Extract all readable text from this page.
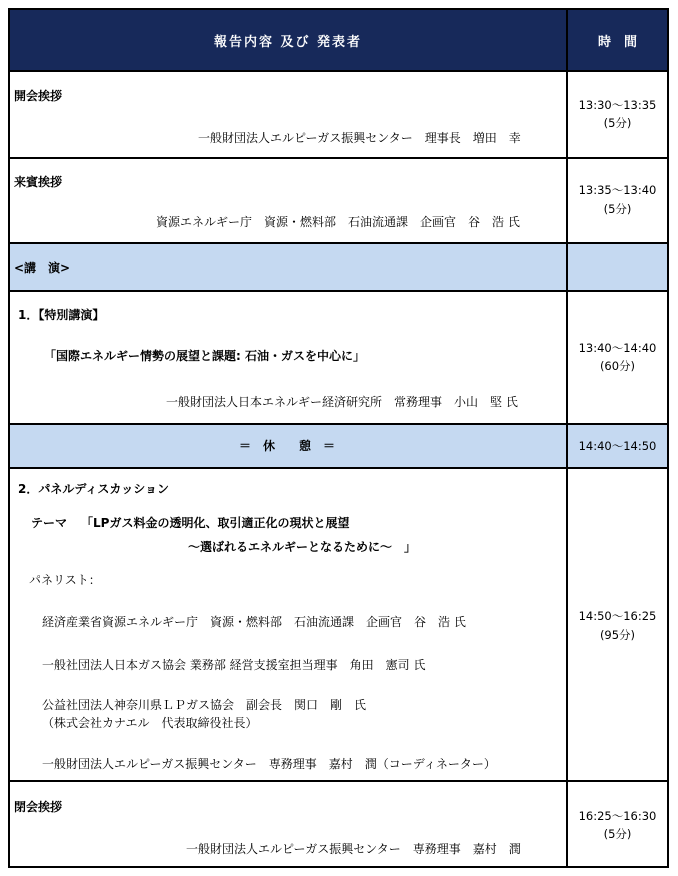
報告内容 及び 発表者	時　間
開会挨拶
一般財団法人エルピーガス振興センター　理事長　増田　幸
13:30～13:35
(5分)
来賓挨拶
資源エネルギー庁　資源・燃料部　石油流通課　企画官　谷　浩 氏
13:35～13:40
(5分)
<講　演>
1．【特別講演】
「国際エネルギー情勢の展望と課題: 石油・ガスを中心に」
一般財団法人日本エネルギー経済研究所　常務理事　小山　堅 氏
13:40～14:40
(60分)
＝　休　　憩　＝	14:40～14:50
2．パネルディスカッション
テーマ 「LPガス料金の透明化、取引適正化の現状と展望
～選ばれるエネルギーとなるために～　」
パネリスト：
経済産業省資源エネルギー庁　資源・燃料部　石油流通課　企画官　谷　浩 氏
一般社団法人日本ガス協会 業務部 経営支援室担当理事　角田　憲司 氏
公益社団法人神奈川県ＬＰガス協会　副会長　関口　剛　氏
（株式会社カナエル　代表取締役社長）
一般財団法人エルピーガス振興センター　専務理事　嘉村　潤（コーディネーター）
14:50～16:25
(95分)
閉会挨拶
一般財団法人エルピーガス振興センター　専務理事　嘉村　潤
16:25～16:30
(5分)
